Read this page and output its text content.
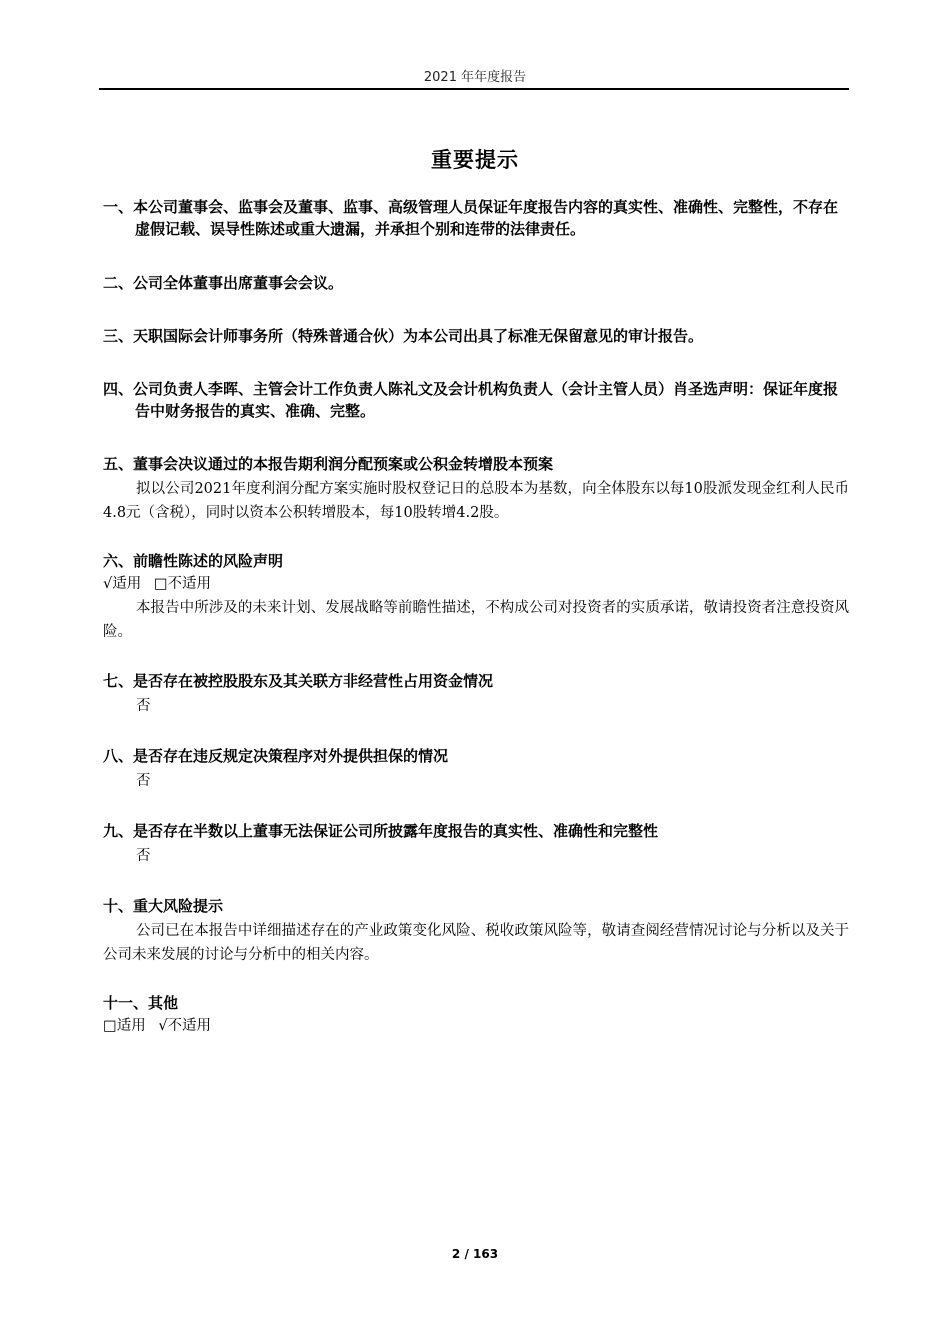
2021 年年度报告
重要提示
一、本公司董事会、监事会及董事、监事、高级管理人员保证年度报告内容的真实性、准确性、完整性，不存在虚假记载、误导性陈述或重大遗漏，并承担个别和连带的法律责任。
二、公司全体董事出席董事会会议。
三、天职国际会计师事务所（特殊普通合伙）为本公司出具了标准无保留意见的审计报告。
四、公司负责人李晖、主管会计工作负责人陈礼文及会计机构负责人（会计主管人员）肖圣选声明：保证年度报告中财务报告的真实、准确、完整。
五、董事会决议通过的本报告期利润分配预案或公积金转增股本预案
拟以公司2021年度利润分配方案实施时股权登记日的总股本为基数，向全体股东以每10股派发现金红利人民币4.8元（含税），同时以资本公积转增股本，每10股转增4.2股。
六、前瞻性陈述的风险声明
√适用 □不适用
本报告中所涉及的未来计划、发展战略等前瞻性描述，不构成公司对投资者的实质承诺，敬请投资者注意投资风险。
七、是否存在被控股股东及其关联方非经营性占用资金情况
否
八、是否存在违反规定决策程序对外提供担保的情况
否
九、是否存在半数以上董事无法保证公司所披露年度报告的真实性、准确性和完整性
否
十、重大风险提示
公司已在本报告中详细描述存在的产业政策变化风险、税收政策风险等，敬请查阅经营情况讨论与分析以及关于公司未来发展的讨论与分析中的相关内容。
十一、其他
□适用 √不适用
2 / 163
